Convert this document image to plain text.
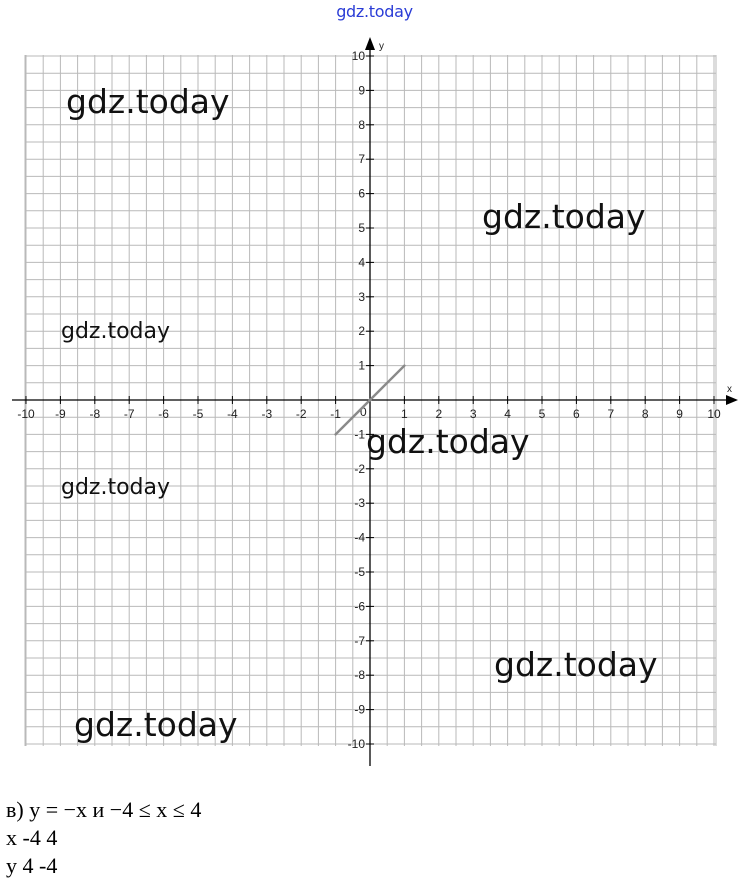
gdz.today
x
y
0
-10 -9 -8 -7 -6 -5 -4 -3 -2 -1	1 2 3 4 5 6 7 8 9 10
10
9
8
7
6
5
4
3
2
1
-1
-2
-3
-4
-5
-6
-7
-8
-9
-10
gdz.today
gdz.today
gdz.today
gdz.today
gdz.today
gdz.today
gdz.today
в) y = −x и −4 ≤ x ≤ 4
x -4 4
y 4 -4
